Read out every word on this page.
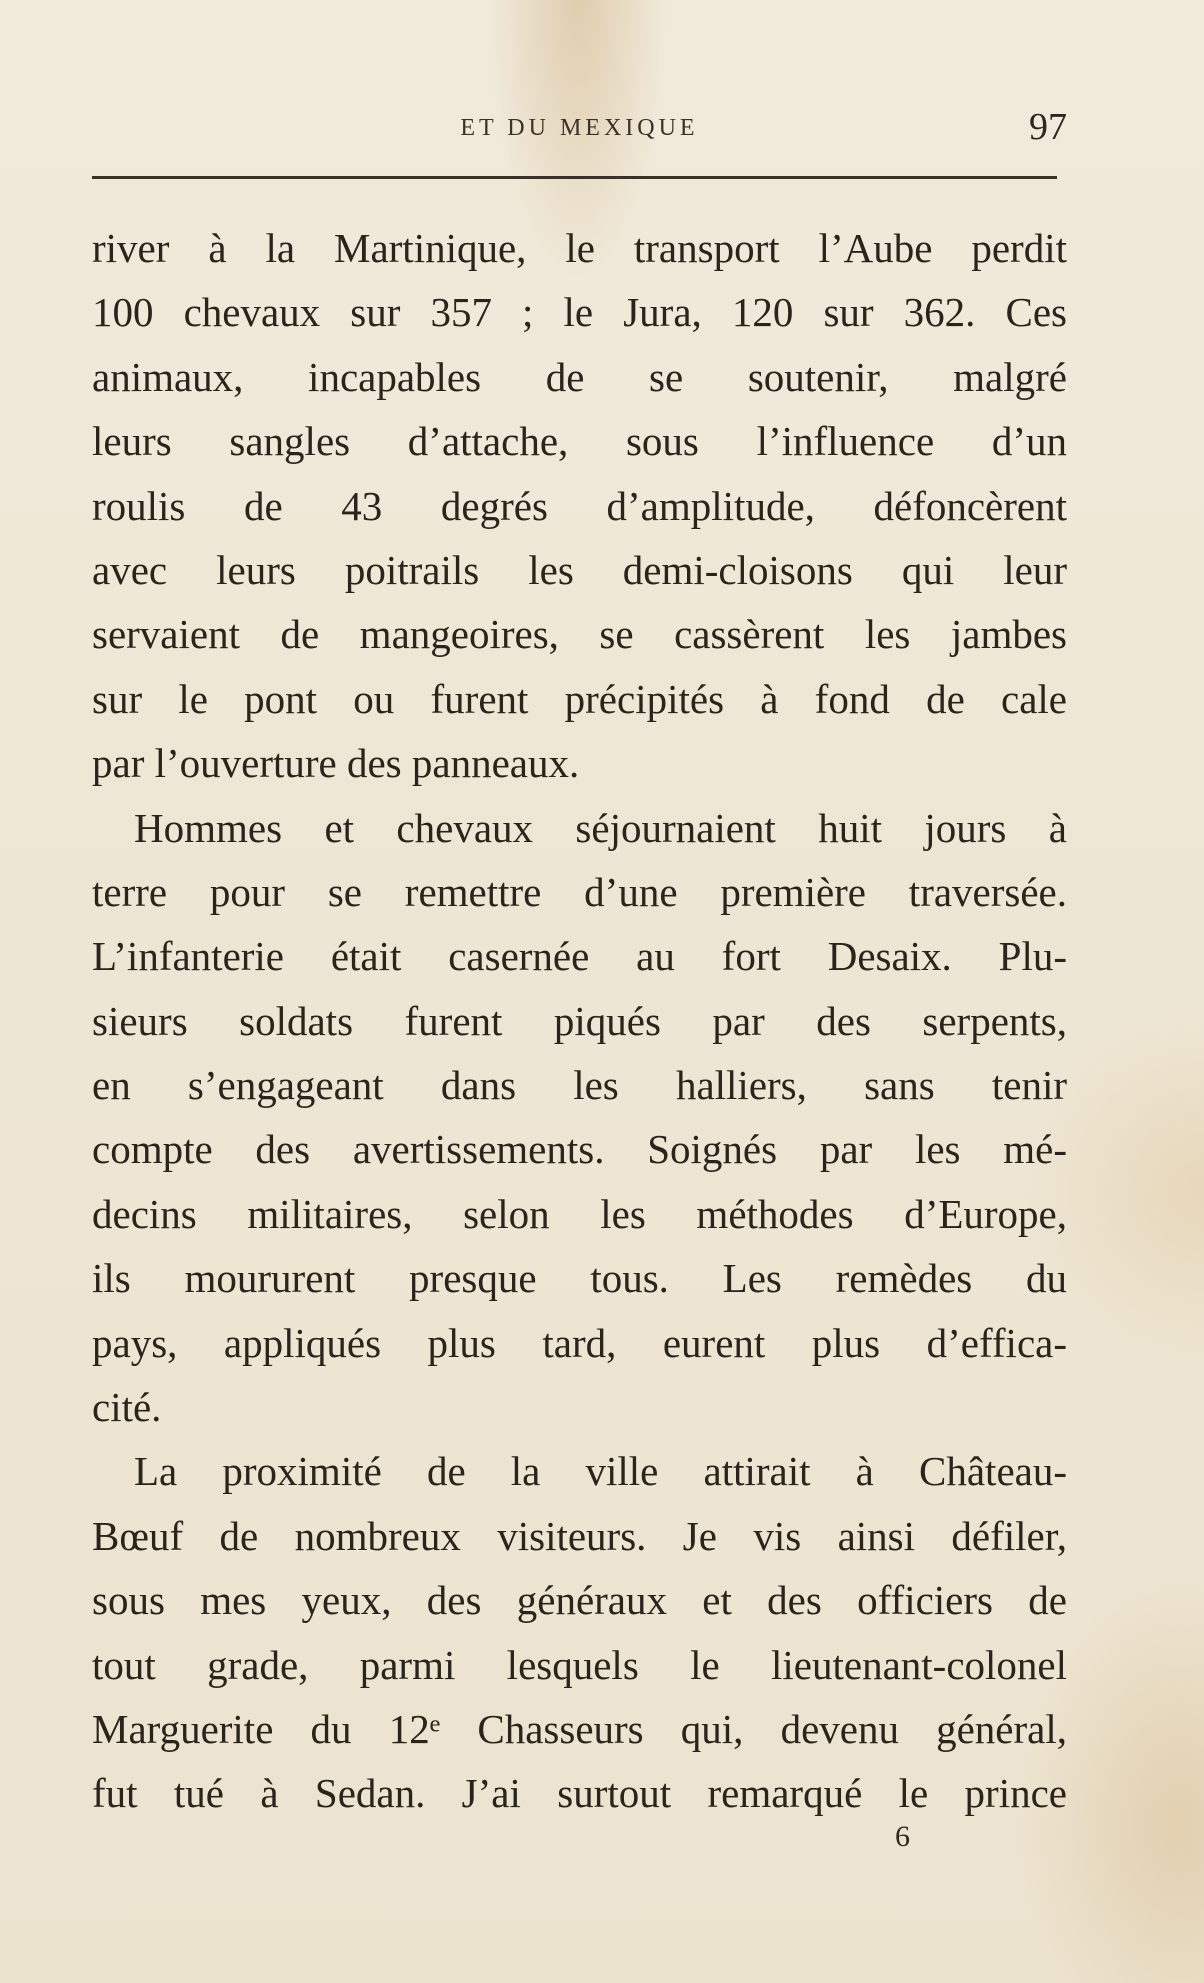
ET DU MEXIQUE	97
river à la Martinique, le transport l’Aube perdit
100 chevaux sur 357 ; le Jura, 120 sur 362. Ces
animaux, incapables de se soutenir, malgré
leurs sangles d’attache, sous l’influence d’un
roulis de 43 degrés d’amplitude, défoncèrent
avec leurs poitrails les demi-cloisons qui leur
servaient de mangeoires, se cassèrent les jambes
sur le pont ou furent précipités à fond de cale
par l’ouverture des panneaux.
Hommes et chevaux séjournaient huit jours à
terre pour se remettre d’une première traversée.
L’infanterie était casernée au fort Desaix. Plu-
sieurs soldats furent piqués par des serpents,
en s’engageant dans les halliers, sans tenir
compte des avertissements. Soignés par les mé-
decins militaires, selon les méthodes d’Europe,
ils moururent presque tous. Les remèdes du
pays, appliqués plus tard, eurent plus d’effica-
cité.
La proximité de la ville attirait à Château-
Bœuf de nombreux visiteurs. Je vis ainsi défiler,
sous mes yeux, des généraux et des officiers de
tout grade, parmi lesquels le lieutenant-colonel
Marguerite du 12ᵉ Chasseurs qui, devenu général,
fut tué à Sedan. J’ai surtout remarqué le prince
6
